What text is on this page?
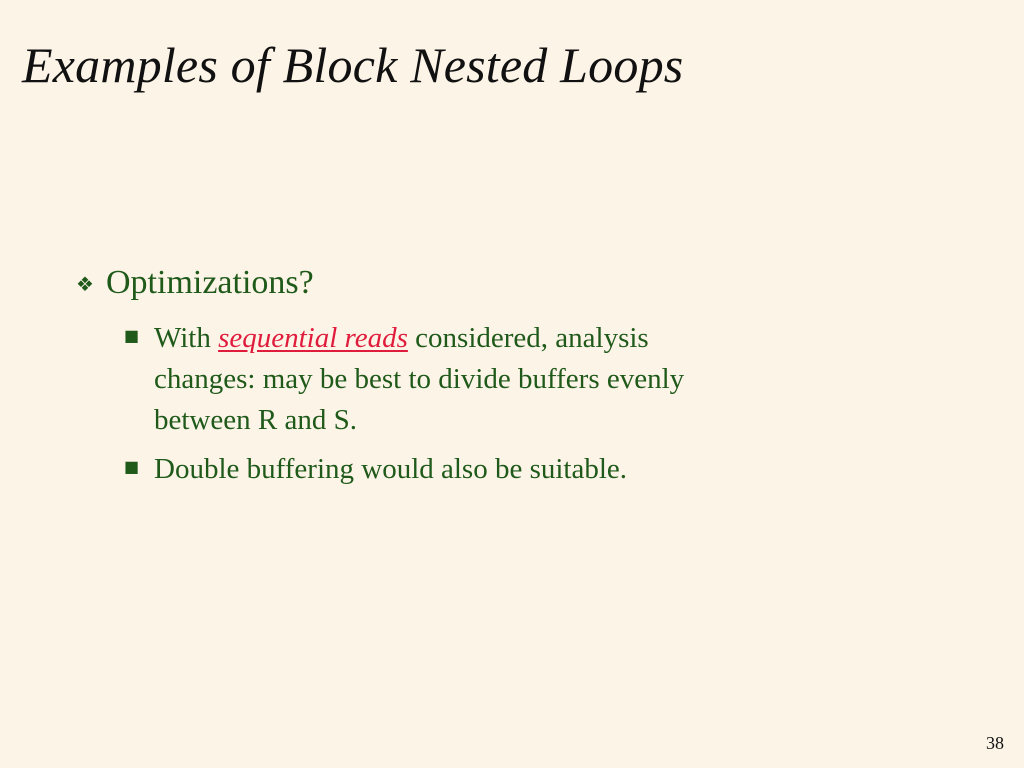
Examples of Block Nested Loops
❖ Optimizations?
■ With sequential reads considered, analysis
changes: may be best to divide buffers evenly
between R and S.
■ Double buffering would also be suitable.
38
